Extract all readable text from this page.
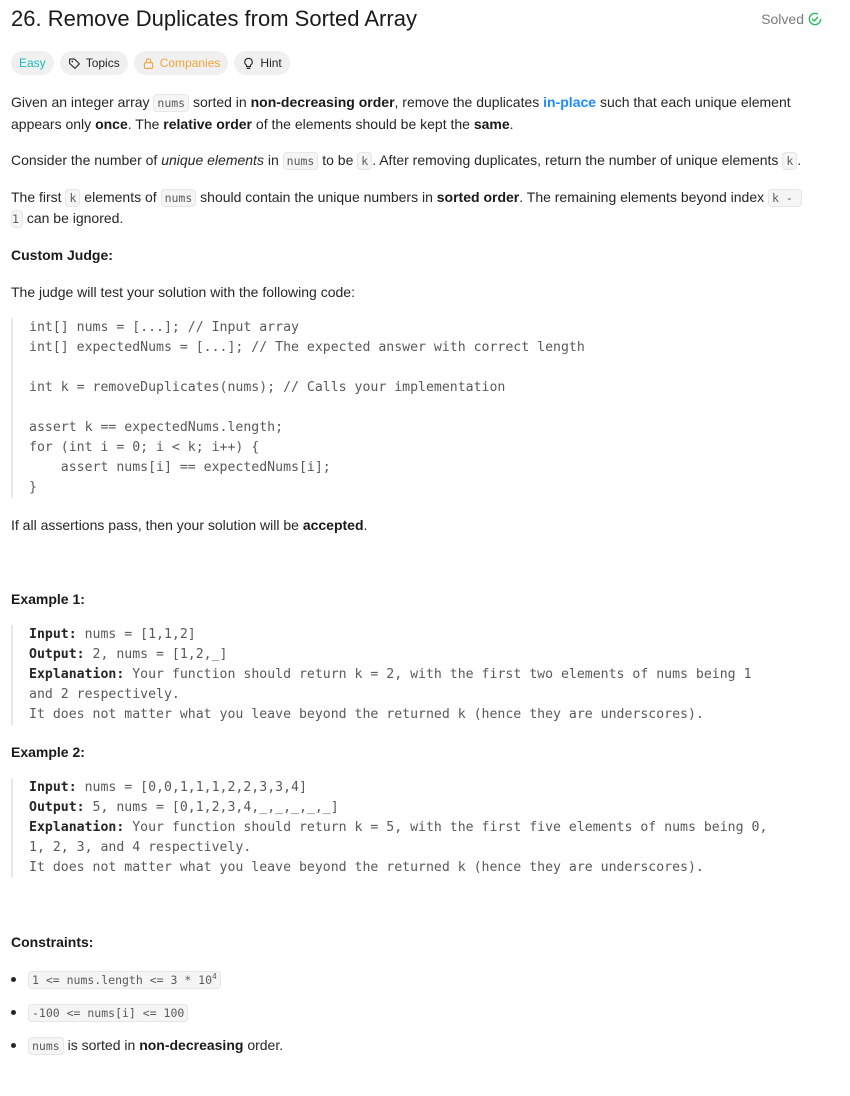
26. Remove Duplicates from Sorted Array	Solved
Easy	Topics	Companies	Hint

Given an integer array nums sorted in non-decreasing order, remove the duplicates in-place such that each unique element appears only once. The relative order of the elements should be kept the same.

Consider the number of unique elements in nums to be k . After removing duplicates, return the number of unique elements k .

The first k elements of nums should contain the unique numbers in sorted order. The remaining elements beyond index k -

1 can be ignored.

Custom Judge:

The judge will test your solution with the following code:

int[] nums = [...]; // Input array
int[] expectedNums = [...]; // The expected answer with correct length

int k = removeDuplicates(nums); // Calls your implementation

assert k == expectedNums.length;
for (int i = 0; i < k; i++) {
assert nums[i] == expectedNums[i];
}

If all assertions pass, then your solution will be accepted.

Example 1:

Input: nums = [1,1,2]
Output: 2, nums = [1,2,_]
Explanation: Your function should return k = 2, with the first two elements of nums being 1
and 2 respectively.
It does not matter what you leave beyond the returned k (hence they are underscores).

Example 2:

Input: nums = [0,0,1,1,1,2,2,3,3,4]
Output: 5, nums = [0,1,2,3,4,_,_,_,_,_]
Explanation: Your function should return k = 5, with the first five elements of nums being 0,
1, 2, 3, and 4 respectively.
It does not matter what you leave beyond the returned k (hence they are underscores).

Constraints:

1 <= nums.length <= $3 * 10^4$
-100 <= nums[i] <= 100
nums is sorted in non-decreasing order.
